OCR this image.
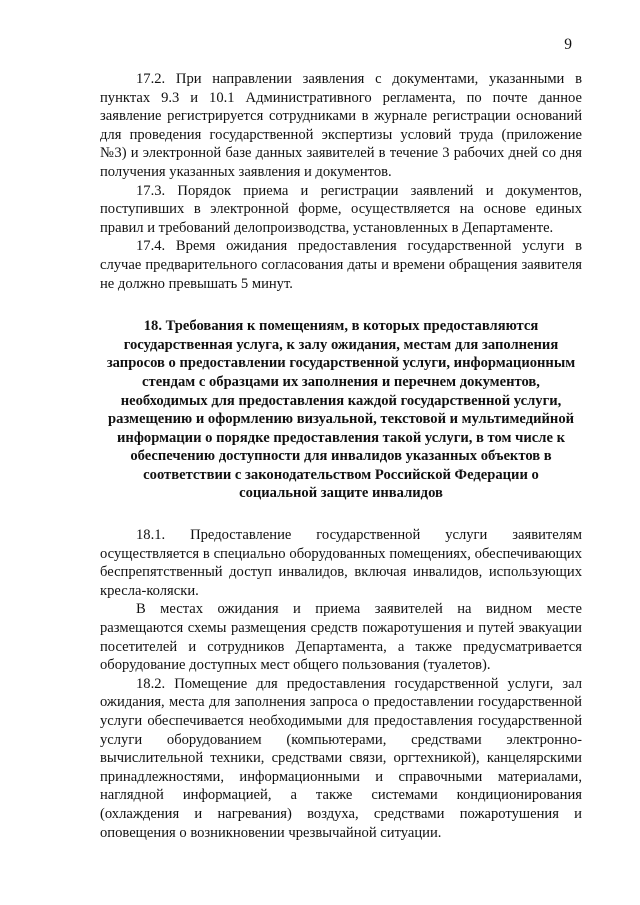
9

17.2. При направлении заявления с документами, указанными в пунктах 9.3 и 10.1 Административного регламента, по почте данное заявление регистрируется сотрудниками в журнале регистрации оснований для проведения государственной экспертизы условий труда (приложение №3) и электронной базе данных заявителей в течение 3 рабочих дней со дня получения указанных заявления и документов.

17.3. Порядок приема и регистрации заявлений и документов, поступивших в электронной форме, осуществляется на основе единых правил и требований делопроизводства, установленных в Департаменте.

17.4. Время ожидания предоставления государственной услуги в случае предварительного согласования даты и времени обращения заявителя не должно превышать 5 минут.

18. Требования к помещениям, в которых предоставляются государственная услуга, к залу ожидания, местам для заполнения запросов о предоставлении государственной услуги, информационным стендам с образцами их заполнения и перечнем документов, необходимых для предоставления каждой государственной услуги, размещению и оформлению визуальной, текстовой и мультимедийной информации о порядке предоставления такой услуги, в том числе к обеспечению доступности для инвалидов указанных объектов в соответствии с законодательством Российской Федерации о социальной защите инвалидов

18.1. Предоставление государственной услуги заявителям осуществляется в специально оборудованных помещениях, обеспечивающих беспрепятственный доступ инвалидов, включая инвалидов, использующих кресла-коляски.

В местах ожидания и приема заявителей на видном месте размещаются схемы размещения средств пожаротушения и путей эвакуации посетителей и сотрудников Департамента, а также предусматривается оборудование доступных мест общего пользования (туалетов).

18.2. Помещение для предоставления государственной услуги, зал ожидания, места для заполнения запроса о предоставлении государственной услуги обеспечивается необходимыми для предоставления государственной услуги оборудованием (компьютерами, средствами электронно-вычислительной техники, средствами связи, оргтехникой), канцелярскими принадлежностями, информационными и справочными материалами, наглядной информацией, а также системами кондиционирования (охлаждения и нагревания) воздуха, средствами пожаротушения и оповещения о возникновении чрезвычайной ситуации.
